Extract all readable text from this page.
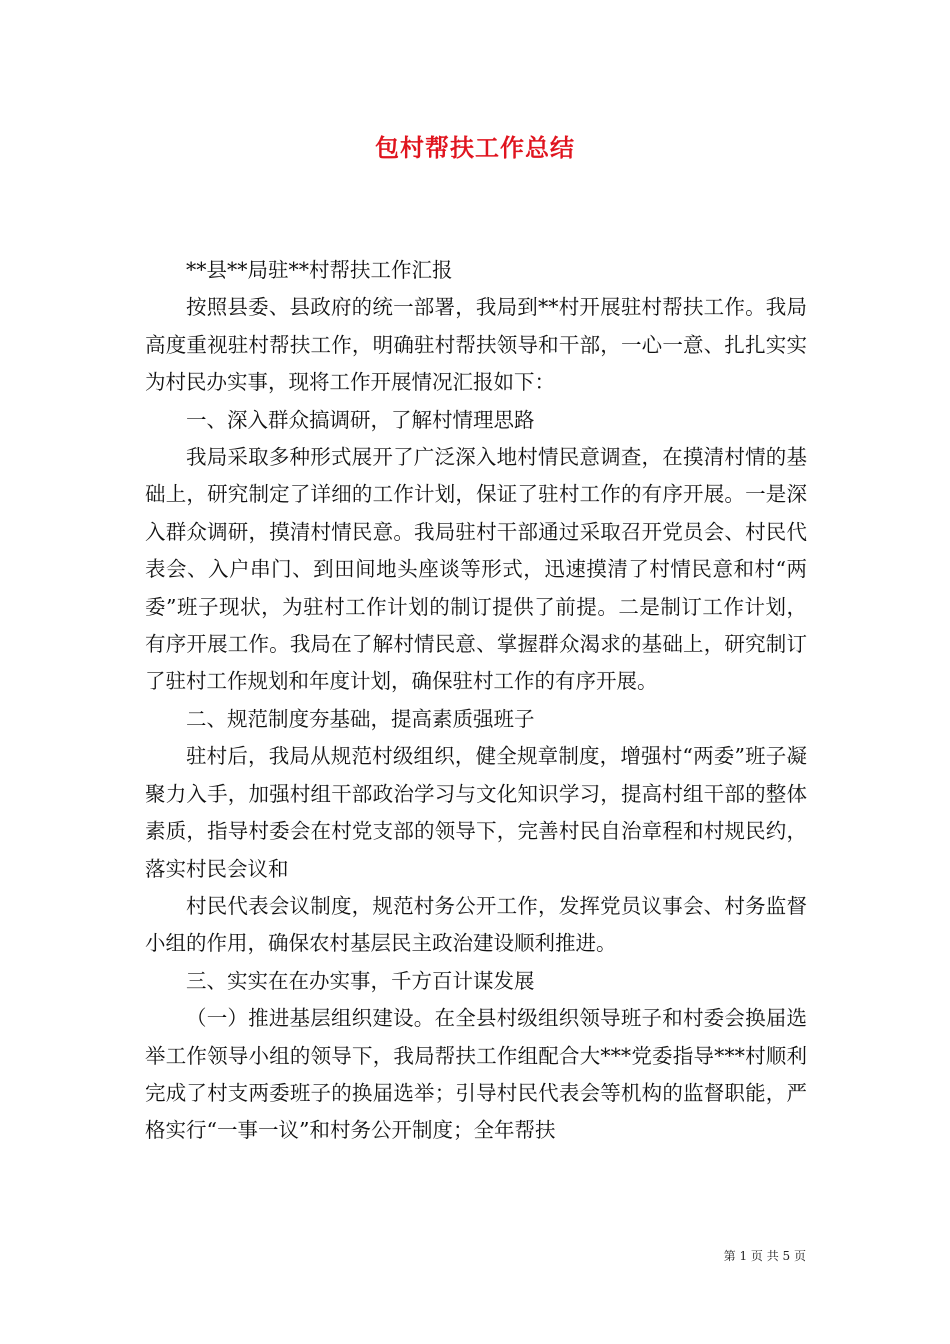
包村帮扶工作总结

**县**局驻**村帮扶工作汇报

按照县委、县政府的统一部署，我局到**村开展驻村帮扶工作。我局高度重视驻村帮扶工作，明确驻村帮扶领导和干部，一心一意、扎扎实实为村民办实事，现将工作开展情况汇报如下：

一、深入群众搞调研，了解村情理思路

我局采取多种形式展开了广泛深入地村情民意调查，在摸清村情的基础上，研究制定了详细的工作计划，保证了驻村工作的有序开展。一是深入群众调研，摸清村情民意。我局驻村干部通过采取召开党员会、村民代表会、入户串门、到田间地头座谈等形式，迅速摸清了村情民意和村“两委”班子现状，为驻村工作计划的制订提供了前提。二是制订工作计划，有序开展工作。我局在了解村情民意、掌握群众渴求的基础上，研究制订了驻村工作规划和年度计划，确保驻村工作的有序开展。

二、规范制度夯基础，提高素质强班子

驻村后，我局从规范村级组织，健全规章制度，增强村“两委”班子凝聚力入手，加强村组干部政治学习与文化知识学习，提高村组干部的整体素质，指导村委会在村党支部的领导下，完善村民自治章程和村规民约，落实村民会议和

村民代表会议制度，规范村务公开工作，发挥党员议事会、村务监督小组的作用，确保农村基层民主政治建设顺利推进。

三、实实在在办实事，千方百计谋发展

（一）推进基层组织建设。在全县村级组织领导班子和村委会换届选举工作领导小组的领导下，我局帮扶工作组配合大***党委指导***村顺利完成了村支两委班子的换届选举；引导村民代表会等机构的监督职能，严格实行“一事一议”和村务公开制度；全年帮扶

第 1 页 共 5 页
